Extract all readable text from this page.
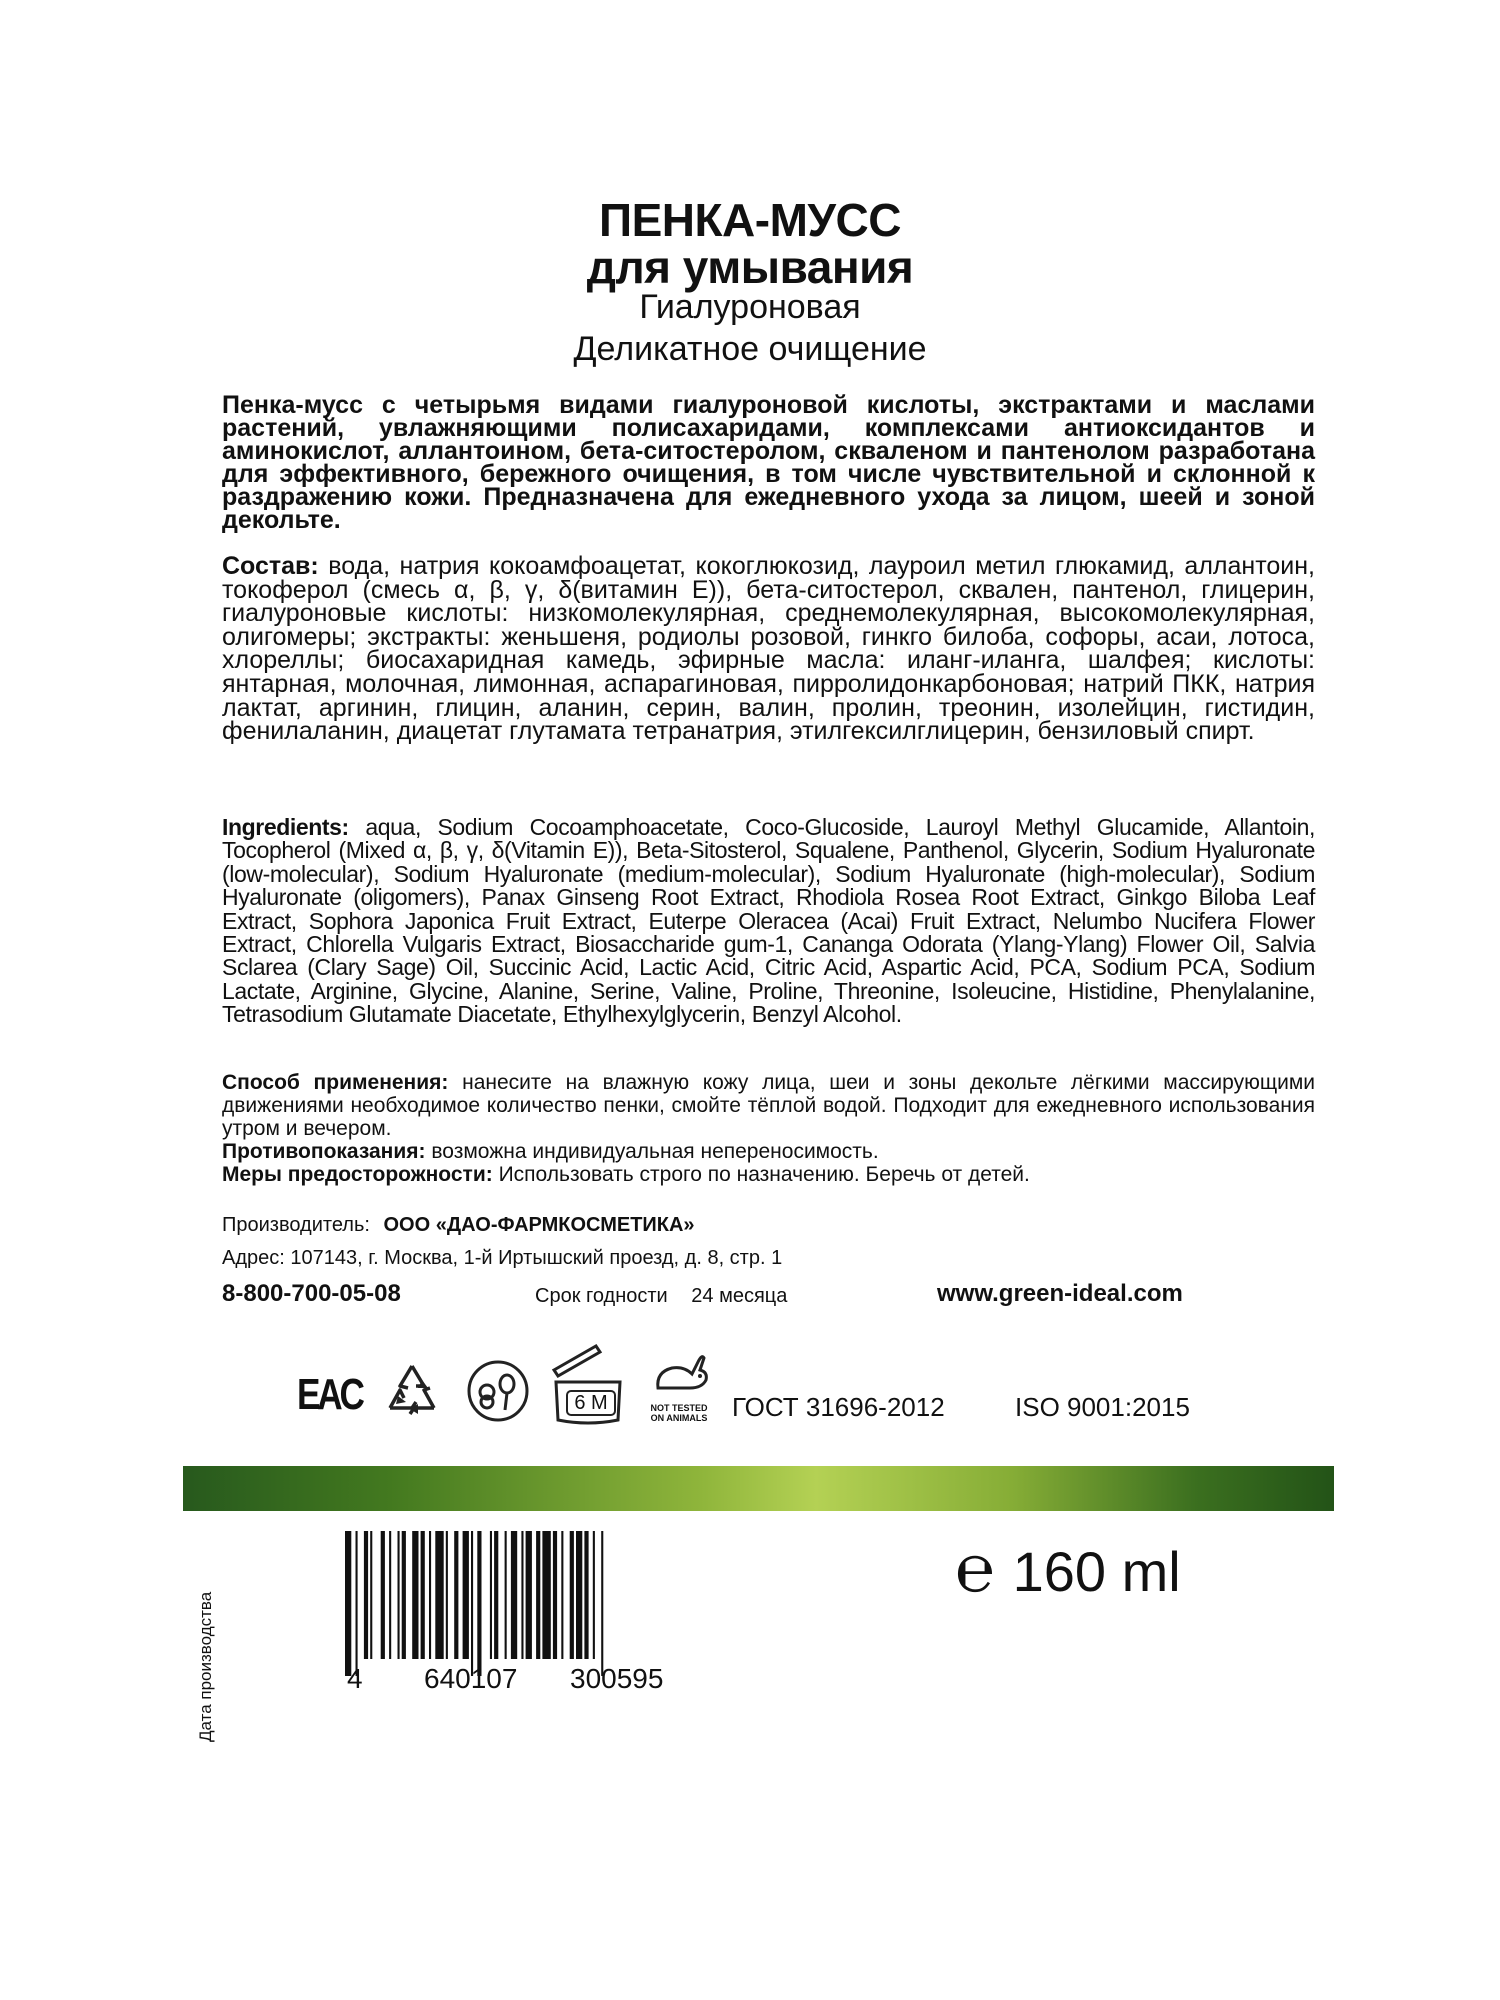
ПЕНКА-МУСС
для умывания
Гиалуроновая
Деликатное очищение
Пенка-мусс с четырьмя видами гиалуроновой кислоты, экстрактами и маслами растений, увлажняющими полисахаридами, комплексами антиоксидантов и аминокислот, аллантоином, бета-ситостеролом, скваленом и пантенолом разработана для эффективного, бережного очищения, в том числе чувствительной и склонной к раздражению кожи. Предназначена для ежедневного ухода за лицом, шеей и зоной декольте.
Состав: вода, натрия кокоамфоацетат, кокоглюкозид, лауроил метил глюкамид, аллантоин, токоферол (смесь α, β, γ, δ(витамин Е)), бета-ситостерол, сквален, пантенол, глицерин, гиалуроновые кислоты: низкомолекулярная, среднемолекулярная, высокомолекулярная, олигомеры; экстракты: женьшеня, родиолы розовой, гинкго билоба, софоры, асаи, лотоса, хлореллы; биосахаридная камедь, эфирные масла: иланг-иланга, шалфея; кислоты: янтарная, молочная, лимонная, аспарагиновая, пирролидонкарбоновая; натрий ПКК, натрия лактат, аргинин, глицин, аланин, серин, валин, пролин, треонин, изолейцин, гистидин, фенилаланин, диацетат глутамата тетранатрия, этилгексилглицерин, бензиловый спирт.
Ingredients: aqua, Sodium Cocoamphoacetate, Coco-Glucoside, Lauroyl Methyl Glucamide, Allantoin, Tocopherol (Mixed α, β, γ, δ(Vitamin E)), Beta-Sitosterol, Squalene, Panthenol, Glycerin, Sodium Hyaluronate (low-molecular), Sodium Hyaluronate (medium-molecular), Sodium Hyaluronate (high-molecular), Sodium Hyaluronate (oligomers), Panax Ginseng Root Extract, Rhodiola Rosea Root Extract, Ginkgo Biloba Leaf Extract, Sophora Japonica Fruit Extract, Euterpe Oleracea (Acai) Fruit Extract, Nelumbo Nucifera Flower Extract, Chlorella Vulgaris Extract, Biosaccharide gum-1, Cananga Odorata (Ylang-Ylang) Flower Oil, Salvia Sclarea (Clary Sage) Oil, Succinic Acid, Lactic Acid, Citric Acid, Aspartic Acid, PCA, Sodium PCA, Sodium Lactate, Arginine, Glycine, Alanine, Serine, Valine, Proline, Threonine, Isoleucine, Histidine, Phenylalanine, Tetrasodium Glutamate Diacetate, Ethylhexylglycerin, Benzyl Alcohol.
Способ применения: нанесите на влажную кожу лица, шеи и зоны декольте лёгкими массирующими движениями необходимое количество пенки, смойте тёплой водой. Подходит для ежедневного использования утром и вечером.
Противопоказания: возможна индивидуальная непереносимость.
Меры предосторожности: Использовать строго по назначению. Беречь от детей.
Производитель: ООО «ДАО-ФАРМКОСМЕТИКА»
Адрес: 107143, г. Москва, 1-й Иртышский проезд, д. 8, стр. 1
8-800-700-05-08	Срок годности 24 месяца	www.green-ideal.com
EAC	6 M	NOT TESTED
ON ANIMALS ГОСТ 31696-2012	ISO 9001:2015
Дата производства	4 640107 300595
℮ 160 ml
